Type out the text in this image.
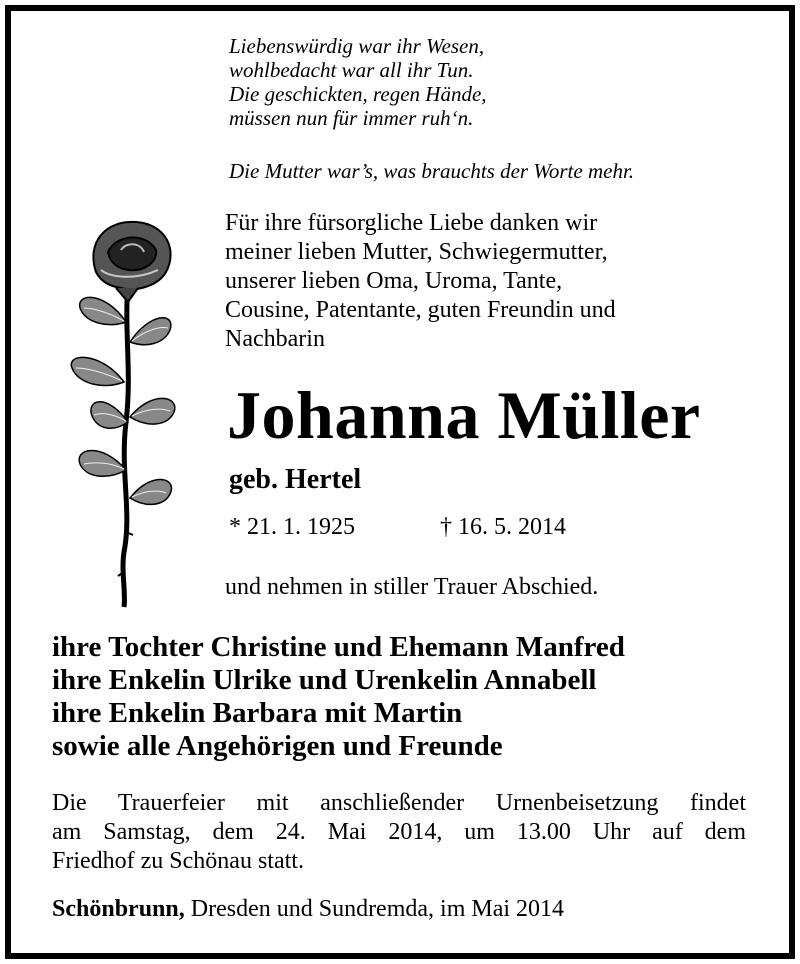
Liebenswürdig war ihr Wesen,
wohlbedacht war all ihr Tun.
Die geschickten, regen Hände,
müssen nun für immer ruh‘n.
Die Mutter war’s, was brauchts der Worte mehr.
Für ihre fürsorgliche Liebe danken wir
meiner lieben Mutter, Schwiegermutter,
unserer lieben Oma, Uroma, Tante,
Cousine, Patentante, guten Freundin und
Nachbarin
Johanna Müller
geb. Hertel
* 21. 1. 1925	† 16. 5. 2014
und nehmen in stiller Trauer Abschied.
ihre Tochter Christine und Ehemann Manfred
ihre Enkelin Ulrike und Urenkelin Annabell
ihre Enkelin Barbara mit Martin
sowie alle Angehörigen und Freunde
Die Trauerfeier mit anschließender Urnenbeisetzung findet
am Samstag, dem 24. Mai 2014, um 13.00 Uhr auf dem
Friedhof zu Schönau statt.
Schönbrunn, Dresden und Sundremda, im Mai 2014
